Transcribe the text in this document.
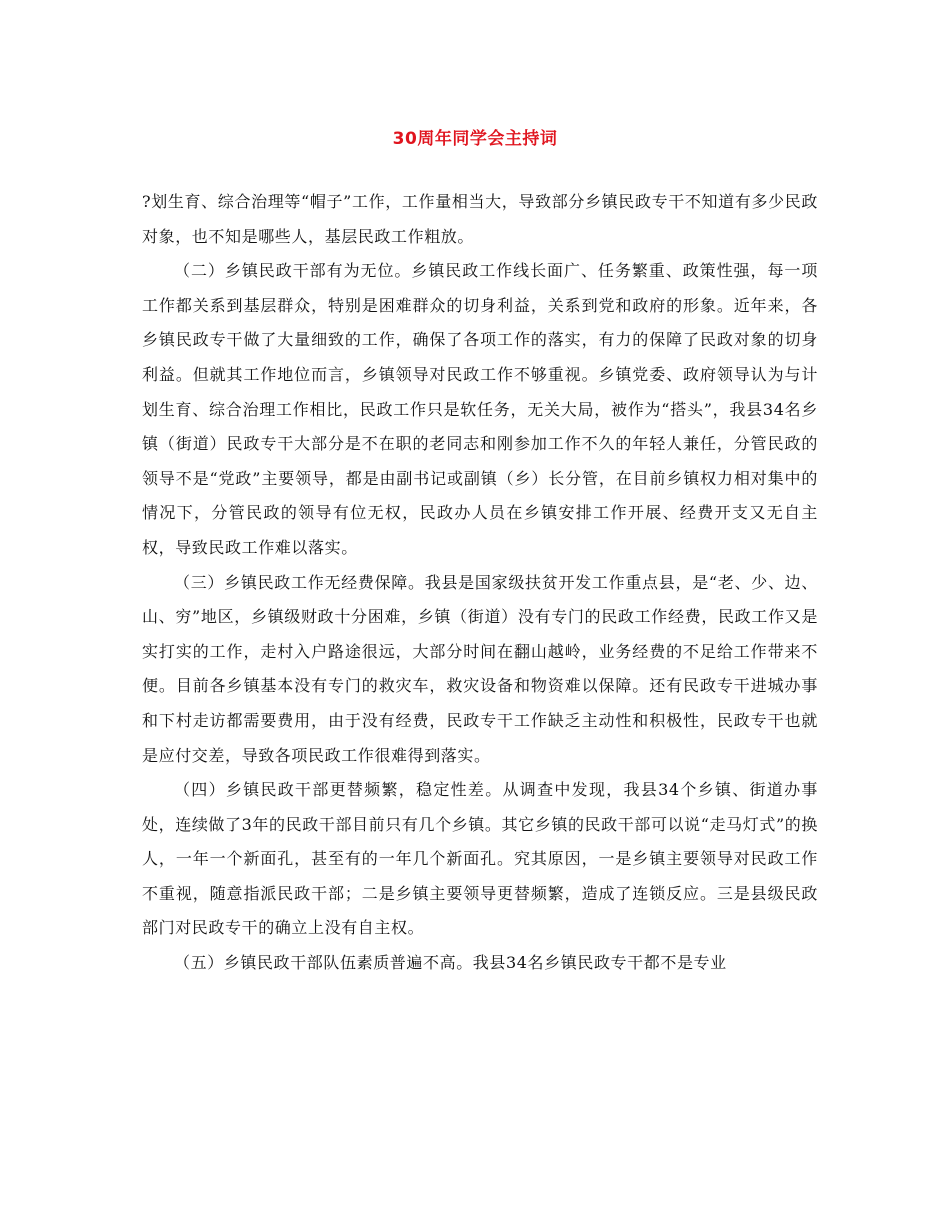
30周年同学会主持词

?划生育、综合治理等“帽子”工作，工作量相当大，导致部分乡镇民政专干不知道有多少民政对象，也不知是哪些人，基层民政工作粗放。

（二）乡镇民政干部有为无位。乡镇民政工作线长面广、任务繁重、政策性强，每一项工作都关系到基层群众，特别是困难群众的切身利益，关系到党和政府的形象。近年来，各乡镇民政专干做了大量细致的工作，确保了各项工作的落实，有力的保障了民政对象的切身利益。但就其工作地位而言，乡镇领导对民政工作不够重视。乡镇党委、政府领导认为与计划生育、综合治理工作相比，民政工作只是软任务，无关大局，被作为“搭头”，我县34名乡镇（街道）民政专干大部分是不在职的老同志和刚参加工作不久的年轻人兼任，分管民政的领导不是“党政”主要领导，都是由副书记或副镇（乡）长分管，在目前乡镇权力相对集中的情况下，分管民政的领导有位无权，民政办人员在乡镇安排工作开展、经费开支又无自主权，导致民政工作难以落实。

（三）乡镇民政工作无经费保障。我县是国家级扶贫开发工作重点县，是“老、少、边、山、穷”地区，乡镇级财政十分困难，乡镇（街道）没有专门的民政工作经费，民政工作又是实打实的工作，走村入户路途很远，大部分时间在翻山越岭，业务经费的不足给工作带来不便。目前各乡镇基本没有专门的救灾车，救灾设备和物资难以保障。还有民政专干进城办事和下村走访都需要费用，由于没有经费，民政专干工作缺乏主动性和积极性，民政专干也就是应付交差，导致各项民政工作很难得到落实。

（四）乡镇民政干部更替频繁，稳定性差。从调查中发现，我县34个乡镇、街道办事处，连续做了3年的民政干部目前只有几个乡镇。其它乡镇的民政干部可以说“走马灯式”的换人，一年一个新面孔，甚至有的一年几个新面孔。究其原因，一是乡镇主要领导对民政工作不重视，随意指派民政干部；二是乡镇主要领导更替频繁，造成了连锁反应。三是县级民政部门对民政专干的确立上没有自主权。

（五）乡镇民政干部队伍素质普遍不高。我县34名乡镇民政专干都不是专业
